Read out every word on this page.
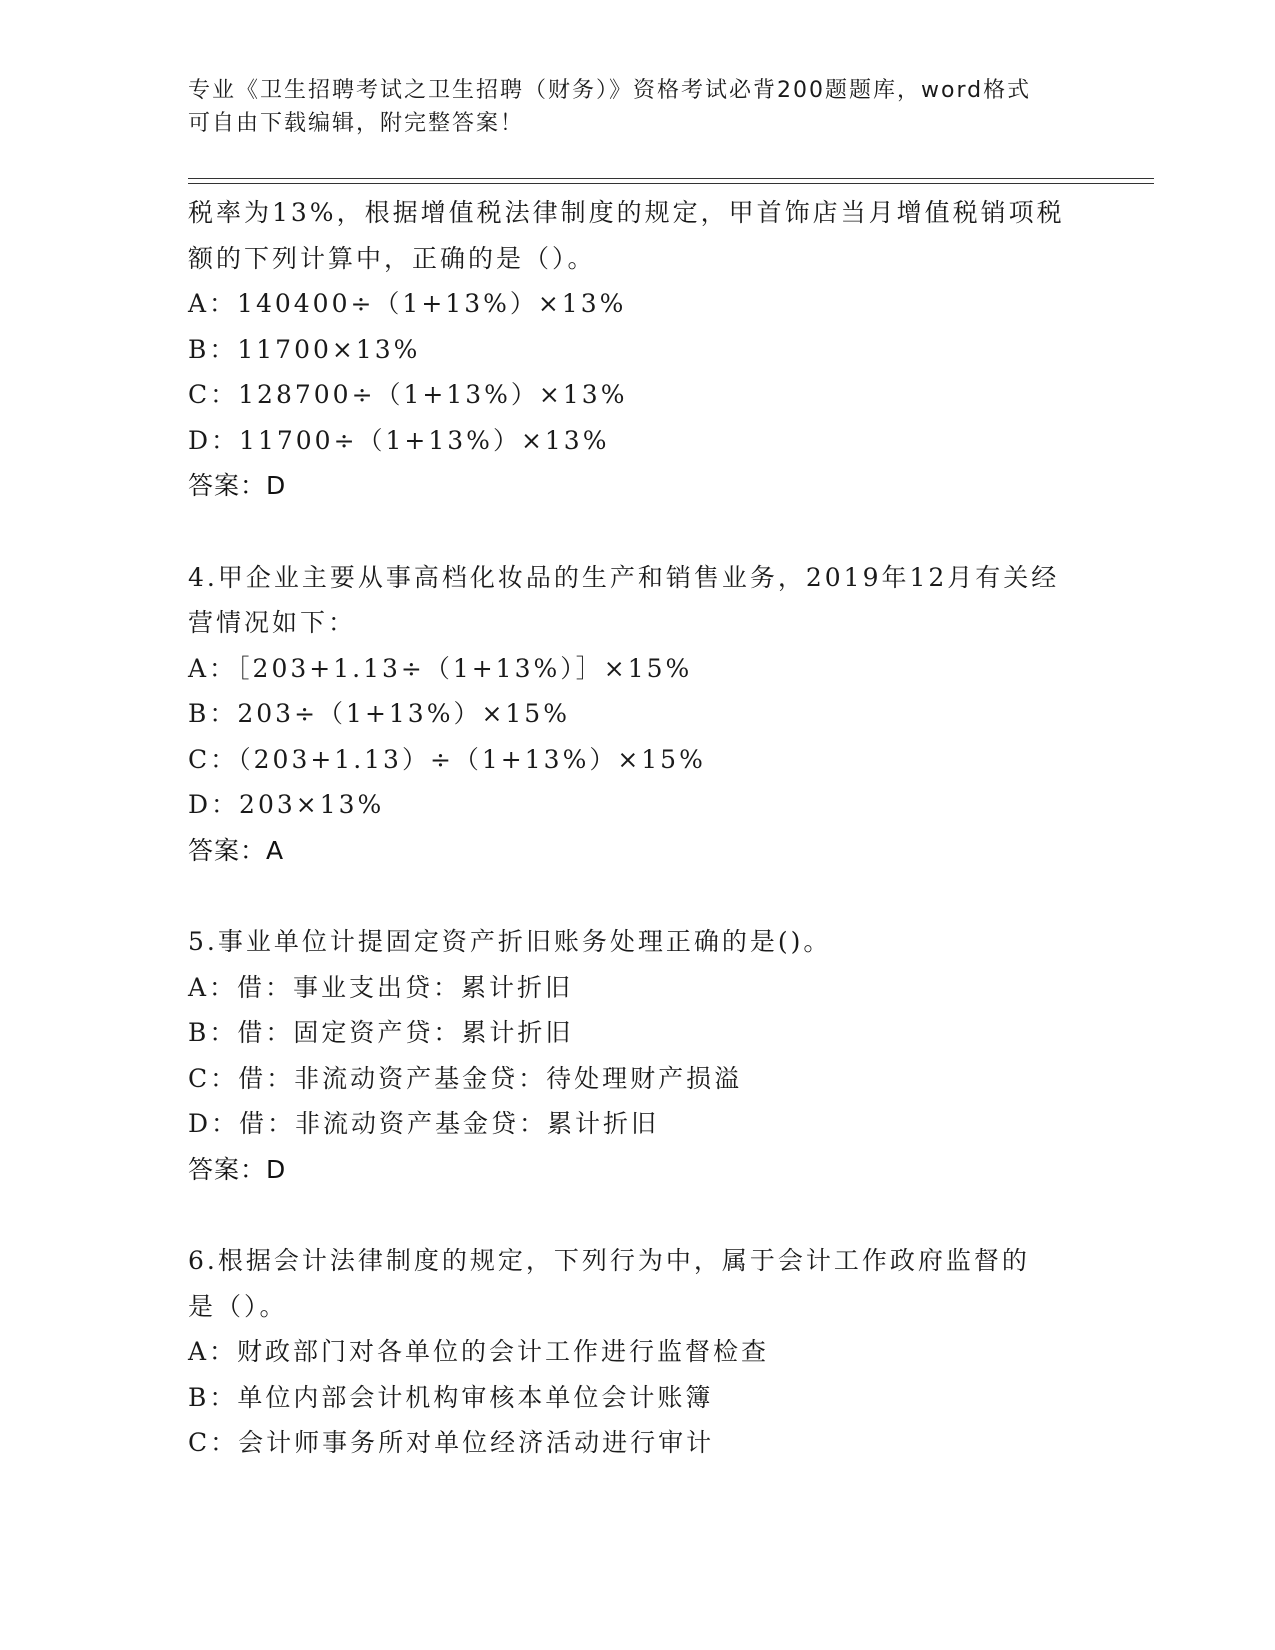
专业《卫生招聘考试之卫生招聘（财务）》资格考试必背200题题库，word格式
可自由下载编辑，附完整答案！
税率为13%，根据增值税法律制度的规定，甲首饰店当月增值税销项税
额的下列计算中，正确的是（）。
A：140400÷（1+13%）×13%
B：11700×13%
C：128700÷（1+13%）×13%
D：11700÷（1+13%）×13%
答案：D
4.甲企业主要从事高档化妆品的生产和销售业务，2019年12月有关经
营情况如下：
A：［203+1.13÷（1+13%）］×15%
B：203÷（1+13%）×15%
C：（203+1.13）÷（1+13%）×15%
D：203×13%
答案：A
5.事业单位计提固定资产折旧账务处理正确的是()。
A：借：事业支出贷：累计折旧
B：借：固定资产贷：累计折旧
C：借：非流动资产基金贷：待处理财产损溢
D：借：非流动资产基金贷：累计折旧
答案：D
6.根据会计法律制度的规定，下列行为中，属于会计工作政府监督的
是（）。
A：财政部门对各单位的会计工作进行监督检查
B：单位内部会计机构审核本单位会计账簿
C：会计师事务所对单位经济活动进行审计
